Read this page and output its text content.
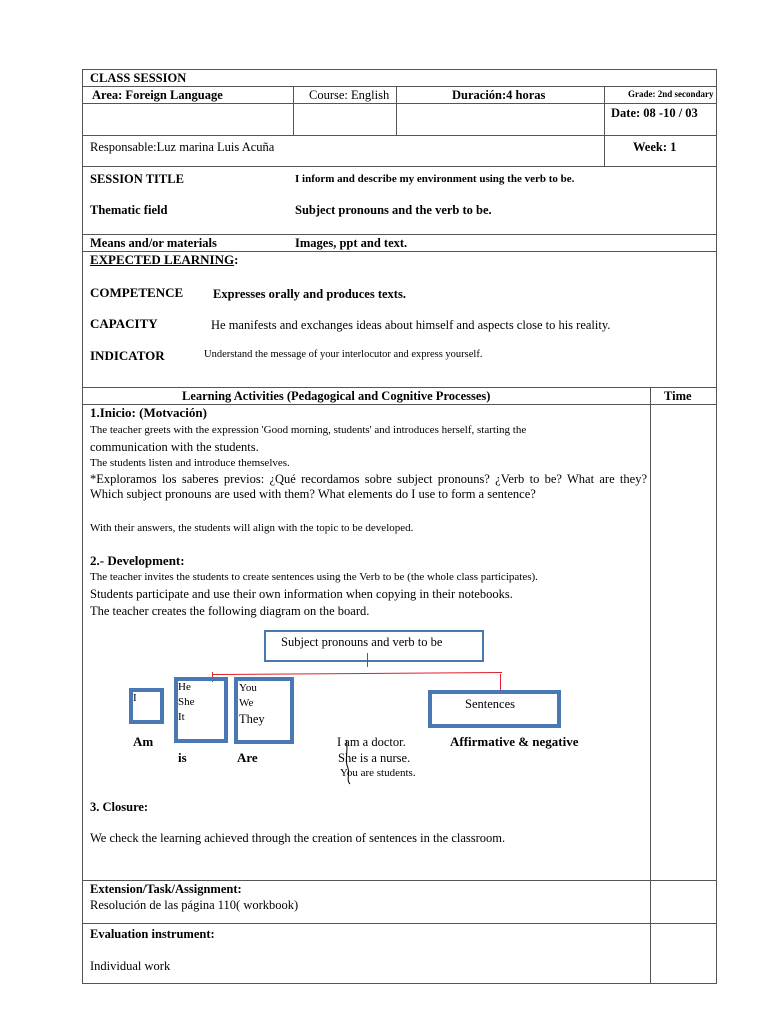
CLASS SESSION
Area: Foreign Language	Course: English	Duración:4 horas	Grade: 2nd secondary
Date: 08 -10 / 03
Responsable:Luz marina Luis Acuña	Week: 1
SESSION TITLE	I inform and describe my environment using the verb to be.
Thematic field	Subject pronouns and the verb to be.
Means and/or materials	Images, ppt and text.
EXPECTED LEARNING:
COMPETENCE Expresses orally and produces texts.
CAPACITY	He manifests and exchanges ideas about himself and aspects close to his reality.
INDICATOR	Understand the message of your interlocutor and express yourself.
Learning Activities (Pedagogical and Cognitive Processes)	Time
1.Inicio: (Motvación)
The teacher greets with the expression 'Good morning, students' and introduces herself, starting the
communication with the students.
The students listen and introduce themselves.
*Exploramos los saberes previos: ¿Qué recordamos sobre subject pronouns? ¿Verb to be? What are they? Which subject pronouns are used with them? What elements do I use to form a sentence?
With their answers, the students will align with the topic to be developed.
2.- Development:
The teacher invites the students to create sentences using the Verb to be (the whole class participates).
Students participate and use their own information when copying in their notebooks.
The teacher creates the following diagram on the board.
Subject pronouns and verb to be
I
He
She
It
You
We
They
Sentences
Am
is	Are
I am a doctor.
She is a nurse.
You are students.
Affirmative & negative
3. Closure:
We check the learning achieved through the creation of sentences in the classroom.
Extension/Task/Assignment:
Resolución de las página 110( workbook)
Evaluation instrument:
Individual work
